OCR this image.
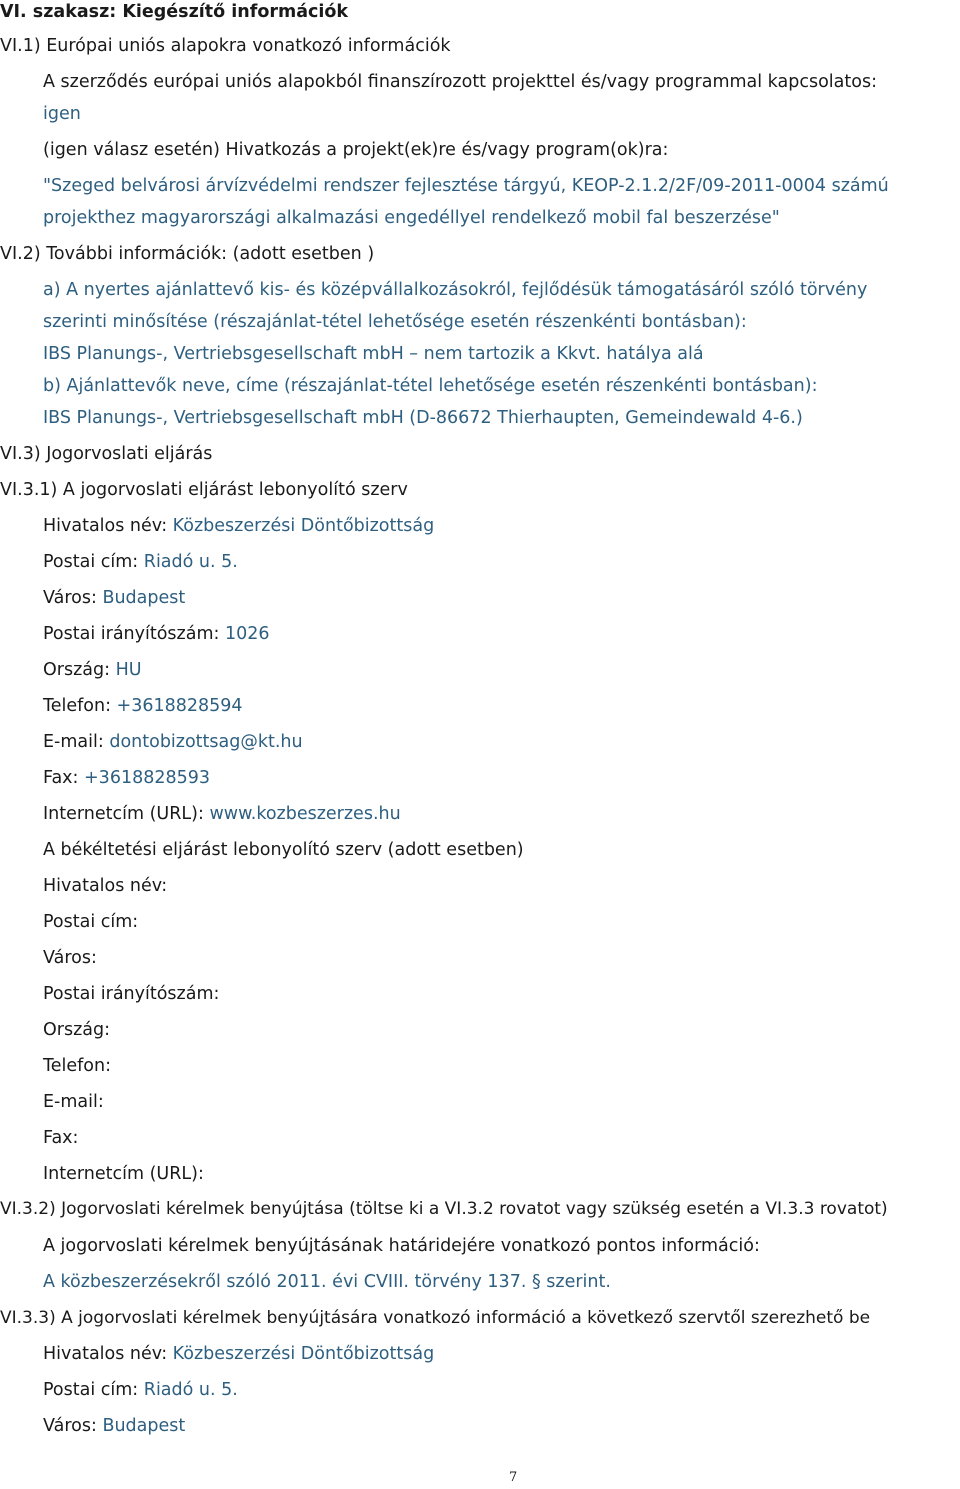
VI. szakasz: Kiegészítő információk
VI.1) Európai uniós alapokra vonatkozó információk
A szerződés európai uniós alapokból finanszírozott projekttel és/vagy programmal kapcsolatos:
igen
(igen válasz esetén) Hivatkozás a projekt(ek)re és/vagy program(ok)ra:
"Szeged belvárosi árvízvédelmi rendszer fejlesztése tárgyú, KEOP-2.1.2/2F/09-2011-0004 számú
projekthez magyarországi alkalmazási engedéllyel rendelkező mobil fal beszerzése"
VI.2) További információk: (adott esetben )
a) A nyertes ajánlattevő kis- és középvállalkozásokról, fejlődésük támogatásáról szóló törvény
szerinti minősítése (részajánlat-tétel lehetősége esetén részenkénti bontásban):
IBS Planungs-, Vertriebsgesellschaft mbH – nem tartozik a Kkvt. hatálya alá
b) Ajánlattevők neve, címe (részajánlat-tétel lehetősége esetén részenkénti bontásban):
IBS Planungs-, Vertriebsgesellschaft mbH (D-86672 Thierhaupten, Gemeindewald 4-6.)
VI.3) Jogorvoslati eljárás
VI.3.1) A jogorvoslati eljárást lebonyolító szerv
Hivatalos név: Közbeszerzési Döntőbizottság
Postai cím: Riadó u. 5.
Város: Budapest
Postai irányítószám: 1026
Ország: HU
Telefon: +3618828594
E-mail: dontobizottsag@kt.hu
Fax: +3618828593
Internetcím (URL): www.kozbeszerzes.hu
A békéltetési eljárást lebonyolító szerv (adott esetben)
Hivatalos név:
Postai cím:
Város:
Postai irányítószám:
Ország:
Telefon:
E-mail:
Fax:
Internetcím (URL):
VI.3.2) Jogorvoslati kérelmek benyújtása (töltse ki a VI.3.2 rovatot vagy szükség esetén a VI.3.3 rovatot)
A jogorvoslati kérelmek benyújtásának határidejére vonatkozó pontos információ:
A közbeszerzésekről szóló 2011. évi CVIII. törvény 137. § szerint.
VI.3.3) A jogorvoslati kérelmek benyújtására vonatkozó információ a következő szervtől szerezhető be
Hivatalos név: Közbeszerzési Döntőbizottság
Postai cím: Riadó u. 5.
Város: Budapest
7
